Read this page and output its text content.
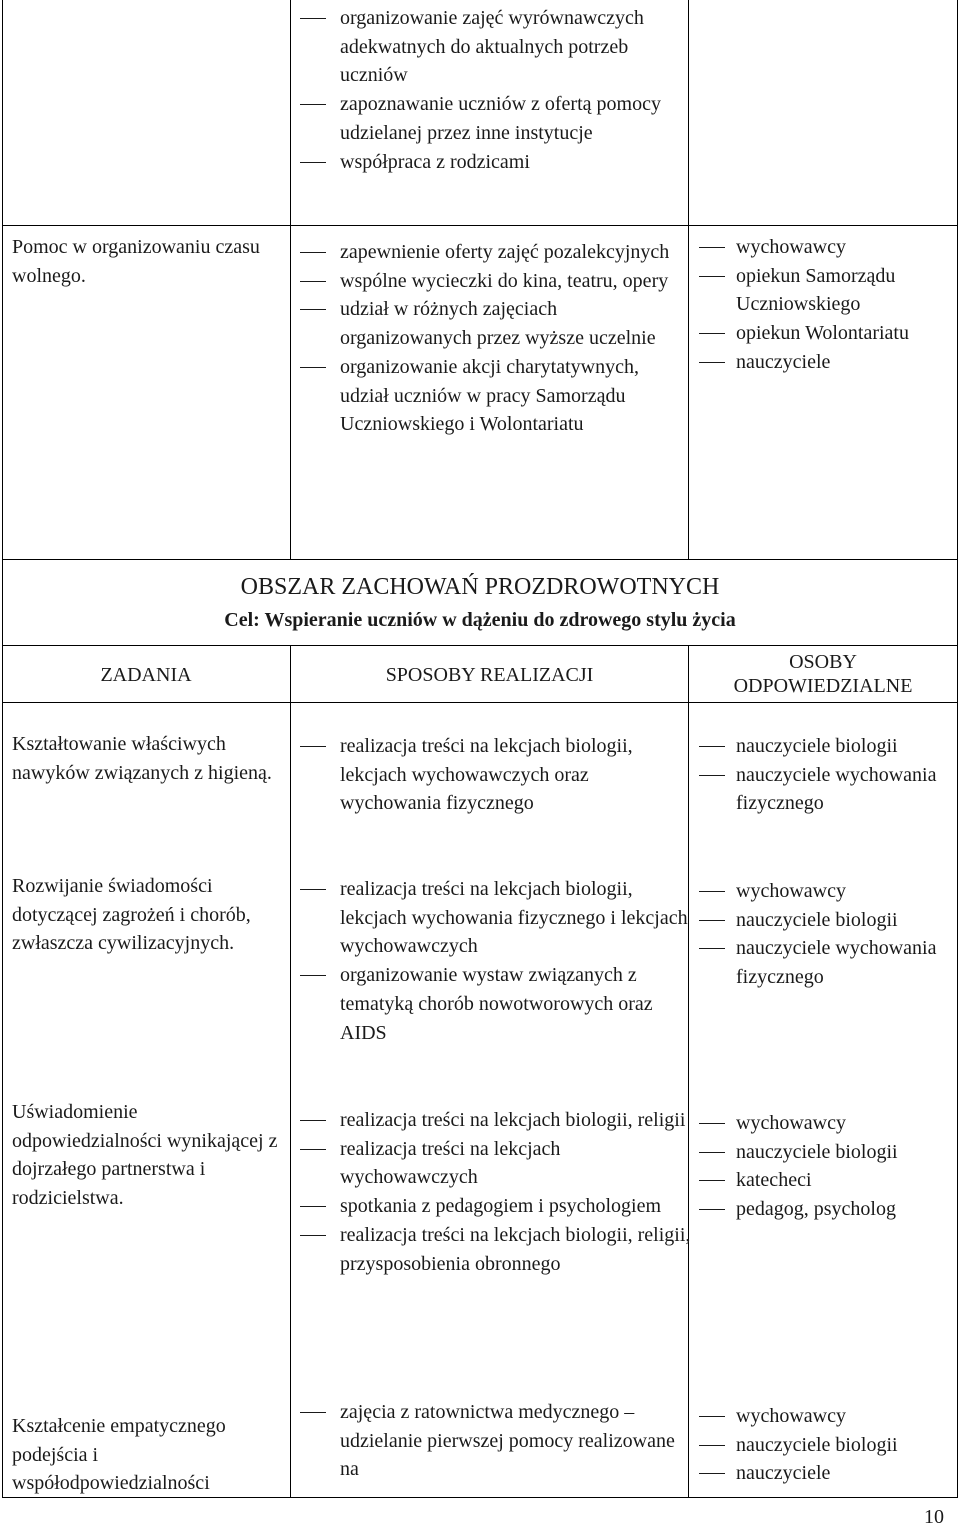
organizowanie zajęć wyrównawczych adekwatnych do aktualnych potrzeb uczniów
zapoznawanie uczniów z ofertą pomocy udzielanej przez inne instytucje
współpraca z rodzicami
Pomoc w organizowaniu czasu wolnego.
zapewnienie oferty zajęć pozalekcyjnych
wspólne wycieczki do kina, teatru, opery
udział w różnych zajęciach organizowanych przez wyższe uczelnie
organizowanie akcji charytatywnych, udział uczniów w pracy Samorządu Uczniowskiego i Wolontariatu
wychowawcy
opiekun Samorządu Uczniowskiego
opiekun Wolontariatu
nauczyciele
OBSZAR ZACHOWAŃ PROZDROWOTNYCH
Cel: Wspieranie uczniów w dążeniu do zdrowego stylu życia
ZADANIA	SPOSOBY REALIZACJI
OSOBY
ODPOWIEDZIALNE
Kształtowanie właściwych nawyków związanych z higieną.
realizacja treści na lekcjach biologii, lekcjach wychowawczych oraz wychowania fizycznego
nauczyciele biologii
nauczyciele wychowania fizycznego
Rozwijanie świadomości dotyczącej zagrożeń i chorób, zwłaszcza cywilizacyjnych.
realizacja treści na lekcjach biologii, lekcjach wychowania fizycznego i lekcjach wychowawczych
organizowanie wystaw związanych z tematyką chorób nowotworowych oraz AIDS
wychowawcy
nauczyciele biologii
nauczyciele wychowania fizycznego
Uświadomienie odpowiedzialności wynikającej z dojrzałego partnerstwa i rodzicielstwa.
realizacja treści na lekcjach biologii, religii
realizacja treści na lekcjach wychowawczych
spotkania z pedagogiem i psychologiem
realizacja treści na lekcjach biologii, religii, przysposobienia obronnego
wychowawcy
nauczyciele biologii
katecheci
pedagog, psycholog
Kształcenie empatycznego podejścia i współodpowiedzialności
zajęcia z ratownictwa medycznego – udzielanie pierwszej pomocy realizowane na
wychowawcy
nauczyciele biologii
nauczyciele
10
